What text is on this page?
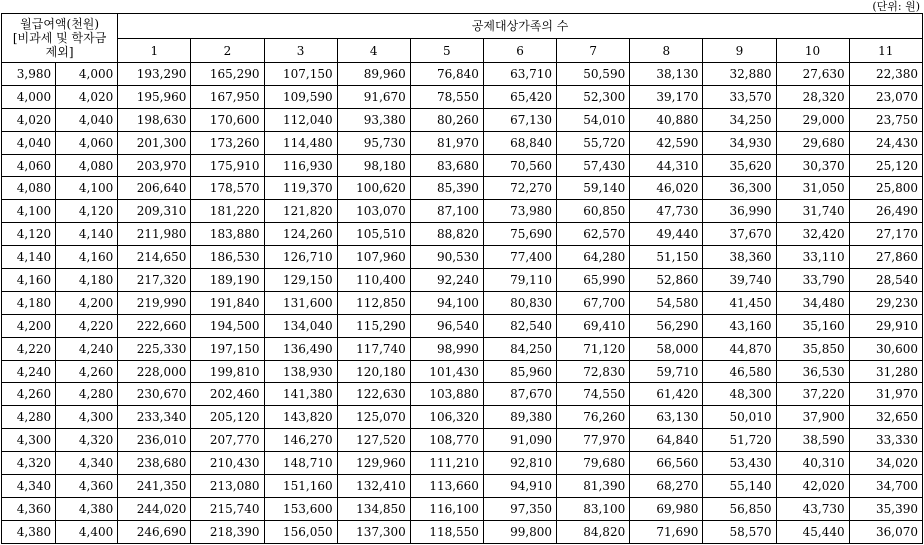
(단위: 원)
월급여액(천원)
[비과세 및 학자금
제외]		공제대상가족의 수										
		1	2	3	4	5	6	7	8	9	10	11
3,980	4,000	193,290	165,290	107,150	89,960	76,840	63,710	50,590	38,130	32,880	27,630	22,380
4,000	4,020	195,960	167,950	109,590	91,670	78,550	65,420	52,300	39,170	33,570	28,320	23,070
4,020	4,040	198,630	170,600	112,040	93,380	80,260	67,130	54,010	40,880	34,250	29,000	23,750
4,040	4,060	201,300	173,260	114,480	95,730	81,970	68,840	55,720	42,590	34,930	29,680	24,430
4,060	4,080	203,970	175,910	116,930	98,180	83,680	70,560	57,430	44,310	35,620	30,370	25,120
4,080	4,100	206,640	178,570	119,370	100,620	85,390	72,270	59,140	46,020	36,300	31,050	25,800
4,100	4,120	209,310	181,220	121,820	103,070	87,100	73,980	60,850	47,730	36,990	31,740	26,490
4,120	4,140	211,980	183,880	124,260	105,510	88,820	75,690	62,570	49,440	37,670	32,420	27,170
4,140	4,160	214,650	186,530	126,710	107,960	90,530	77,400	64,280	51,150	38,360	33,110	27,860
4,160	4,180	217,320	189,190	129,150	110,400	92,240	79,110	65,990	52,860	39,740	33,790	28,540
4,180	4,200	219,990	191,840	131,600	112,850	94,100	80,830	67,700	54,580	41,450	34,480	29,230
4,200	4,220	222,660	194,500	134,040	115,290	96,540	82,540	69,410	56,290	43,160	35,160	29,910
4,220	4,240	225,330	197,150	136,490	117,740	98,990	84,250	71,120	58,000	44,870	35,850	30,600
4,240	4,260	228,000	199,810	138,930	120,180	101,430	85,960	72,830	59,710	46,580	36,530	31,280
4,260	4,280	230,670	202,460	141,380	122,630	103,880	87,670	74,550	61,420	48,300	37,220	31,970
4,280	4,300	233,340	205,120	143,820	125,070	106,320	89,380	76,260	63,130	50,010	37,900	32,650
4,300	4,320	236,010	207,770	146,270	127,520	108,770	91,090	77,970	64,840	51,720	38,590	33,330
4,320	4,340	238,680	210,430	148,710	129,960	111,210	92,810	79,680	66,560	53,430	40,310	34,020
4,340	4,360	241,350	213,080	151,160	132,410	113,660	94,910	81,390	68,270	55,140	42,020	34,700
4,360	4,380	244,020	215,740	153,600	134,850	116,100	97,350	83,100	69,980	56,850	43,730	35,390
4,380	4,400	246,690	218,390	156,050	137,300	118,550	99,800	84,820	71,690	58,570	45,440	36,070
